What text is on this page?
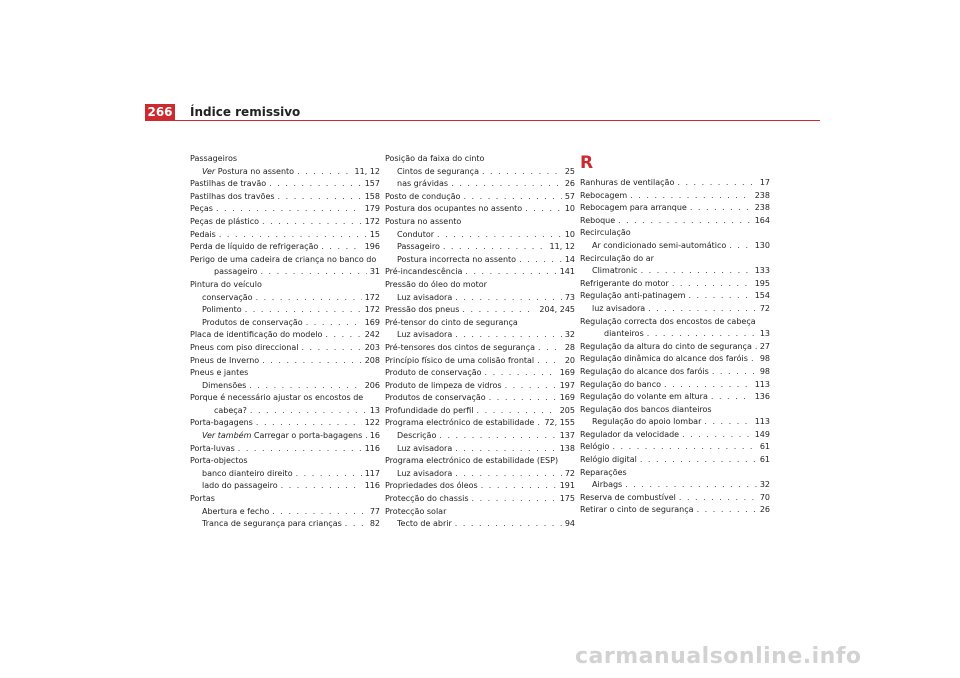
266 Índice remissivo
Passageiros
Ver Postura no assento . . .	11, 12
Pastilhas de travão . . .	157
Pastilhas dos travões . . .	158
Peças . . .	179
Peças de plástico . . .	172
Pedais . . .	15
Perda de líquido de refrigeração . . .	196
Perigo de uma cadeira de criança no banco do
passageiro . . .	31
Pintura do veículo
conservação . . .	172
Polimento . . .	172
Produtos de conservação . . .	169
Placa de identificação do modelo . . .	242
Pneus com piso direccional . . .	203
Pneus de Inverno . . .	208
Pneus e jantes
Dimensões . . .	206
Porque é necessário ajustar os encostos de
cabeça? . . .	13
Porta-bagagens . . .	122
Ver também Carregar o porta-bagagens . . . 16
Porta-luvas . . .	116
Porta-objectos
banco dianteiro direito . . .	117
lado do passageiro . . .	116
Portas
Abertura e fecho . . .	77
Tranca de segurança para crianças . . .	82
Posição da faixa do cinto
Cintos de segurança . . .	25
nas grávidas . . .	26
Posto de condução . . .	57
Postura dos ocupantes no assento . . .	10
Postura no assento
Condutor . . .	10
Passageiro . . .	11, 12
Postura incorrecta no assento . . .	14
Pré-incandescência . . .	141
Pressão do óleo do motor
Luz avisadora . . .	73
Pressão dos pneus . . .	204, 245
Pré-tensor do cinto de segurança
Luz avisadora . . .	32
Pré-tensores dos cintos de segurança . . .	28
Princípio físico de uma colisão frontal . . .	20
Produto de conservação . . .	169
Produto de limpeza de vidros . . .	197
Produtos de conservação . . .	169
Profundidade do perfil . . .	205
Programa electrónico de estabilidade . . . 72, 155
Descrição . . .	137
Luz avisadora . . .	138
Programa electrónico de estabilidade (ESP)
Luz avisadora . . .	72
Propriedades dos óleos . . .	191
Protecção do chassis . . .	175
Protecção solar
Tecto de abrir . . .	94
R
Ranhuras de ventilação . . .	17
Rebocagem . . .	238
Rebocagem para arranque . . .	238
Reboque . . .	164
Recirculação
Ar condicionado semi-automático . . .	130
Recirculação do ar
Climatronic . . .	133
Refrigerante do motor . . .	195
Regulação anti-patinagem . . .	154
luz avisadora . . .	72
Regulação correcta dos encostos de cabeça
dianteiros . . .	13
Regulação da altura do cinto de segurança . . . 27
Regulação dinâmica do alcance dos faróis . . . 98
Regulação do alcance dos faróis . . .	98
Regulação do banco . . .	113
Regulação do volante em altura . . .	136
Regulação dos bancos dianteiros
Regulação do apoio lombar . . .	113
Regulador da velocidade . . .	149
Relógio . . .	61
Relógio digital . . .	61
Reparações
Airbags . . .	32
Reserva de combustível . . .	70
Retirar o cinto de segurança . . .	26
carmanualsonline.info
